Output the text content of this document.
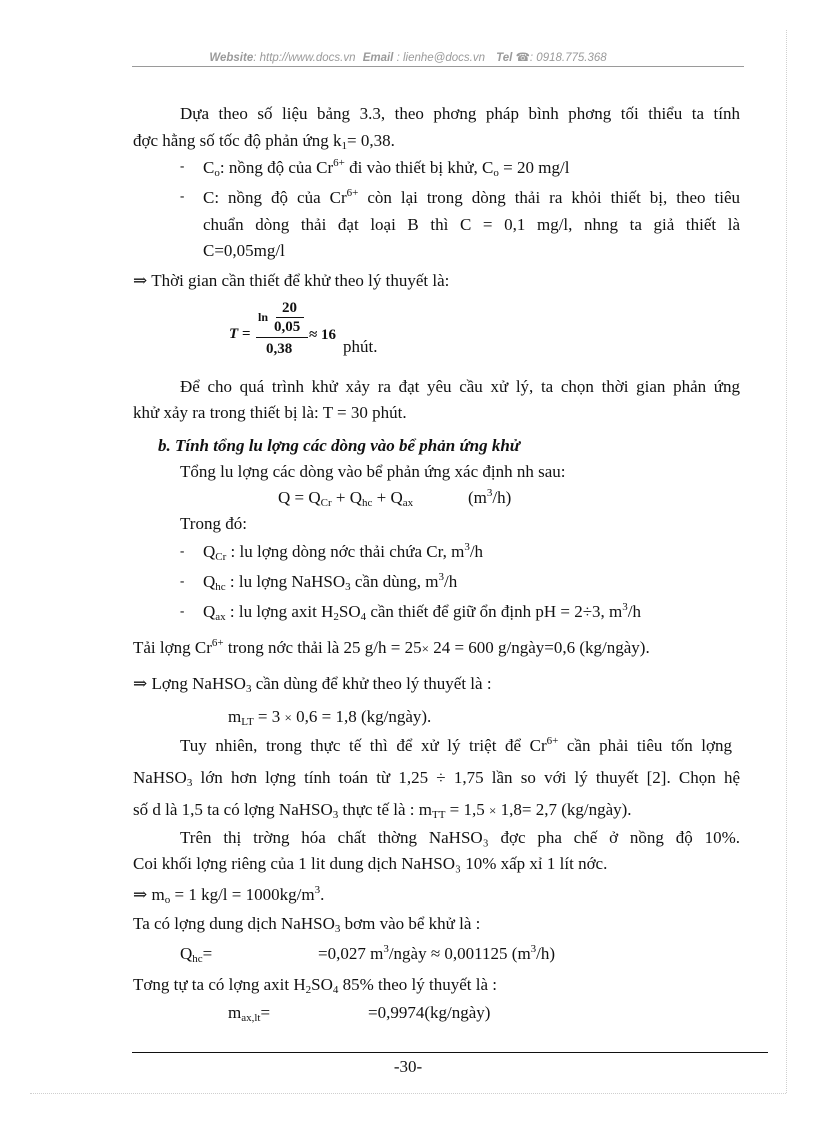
Website: http://www.docs.vn Email : lienhe@docs.vn Tel ☎: 0918.775.368
Dựa theo số liệu bảng 3.3, theo phơng pháp bình phơng tối thiểu ta tính
đợc hằng số tốc độ phản ứng $k_1= 0,38$.
- $C_o$: nồng độ của $Cr^{6+}$ đi vào thiết bị khử, $C_o = 20$ mg/l
- C: nồng độ của $Cr^{6+}$ còn lại trong dòng thải ra khỏi thiết bị, theo tiêu
chuẩn dòng thải đạt loại B thì C = 0,1 mg/l, nhng ta giả thiết là
C=0,05mg/l
⇒ Thời gian cần thiết để khử theo lý thuyết là:
T =
ln
20
0,05
0,38
≈ 16
phút.
Để cho quá trình khử xảy ra đạt yêu cầu xử lý, ta chọn thời gian phản ứng
khử xảy ra trong thiết bị là: T = 30 phút.
b. Tính tổng lu lợng các dòng vào bể phản ứng khử
Tổng lu lợng các dòng vào bể phản ứng xác định nh sau:
$Q = Q_{Cr} + Q_{hc} + Q_{ax}$	$(m^3/h)$
Trong đó:
- $Q_{Cr}$ : lu lợng dòng nớc thải chứa Cr, $m^3/h$
- $Q_{hc}$ : lu lợng NaHSO$_3$ cần dùng, $m^3/h$
- $Q_{ax}$ : lu lợng axit $H_2SO_4$ cần thiết để giữ ổn định pH = 2÷3, $m^3/h$
Tải lợng $Cr^{6+}$ trong nớc thải là 25 g/h = 25× 24 = 600 g/ngày=0,6 (kg/ngày).
⇒ Lợng NaHSO$_3$ cần dùng để khử theo lý thuyết là :
$m_{LT} = 3 \times 0,6 = 1,8$ (kg/ngày).
Tuy nhiên, trong thực tế thì để xử lý triệt để $Cr^{6+}$ cần phải tiêu tốn lợng
NaHSO$_3$ lớn hơn lợng tính toán từ 1,25 ÷ 1,75 lần so với lý thuyết [2]. Chọn hệ
số d là 1,5 ta có lợng NaHSO$_3$ thực tế là : $m_{TT} = 1,5 \times 1,8= 2,7$ (kg/ngày).
Trên thị trờng hóa chất thờng NaHSO₃ đợc pha chế ở nồng độ 10%.
Coi khối lợng riêng của 1 lit dung dịch NaHSO₃ 10% xấp xỉ 1 lít nớc.
⇒ $m_o = 1$ $kg/l = 1000kg/m^3$.
Ta có lợng dung dịch NaHSO$_3$ bơm vào bể khử là :
$Q_{hc}=$	=0,027 $m^3$/ngày ≈ 0,001125 $(m^3/h)$
Tơng tự ta có lợng axit $H_2SO_4$ 85% theo lý thuyết là :
$m_{ax,lt}=$	=0,9974(kg/ngày)
-30-
